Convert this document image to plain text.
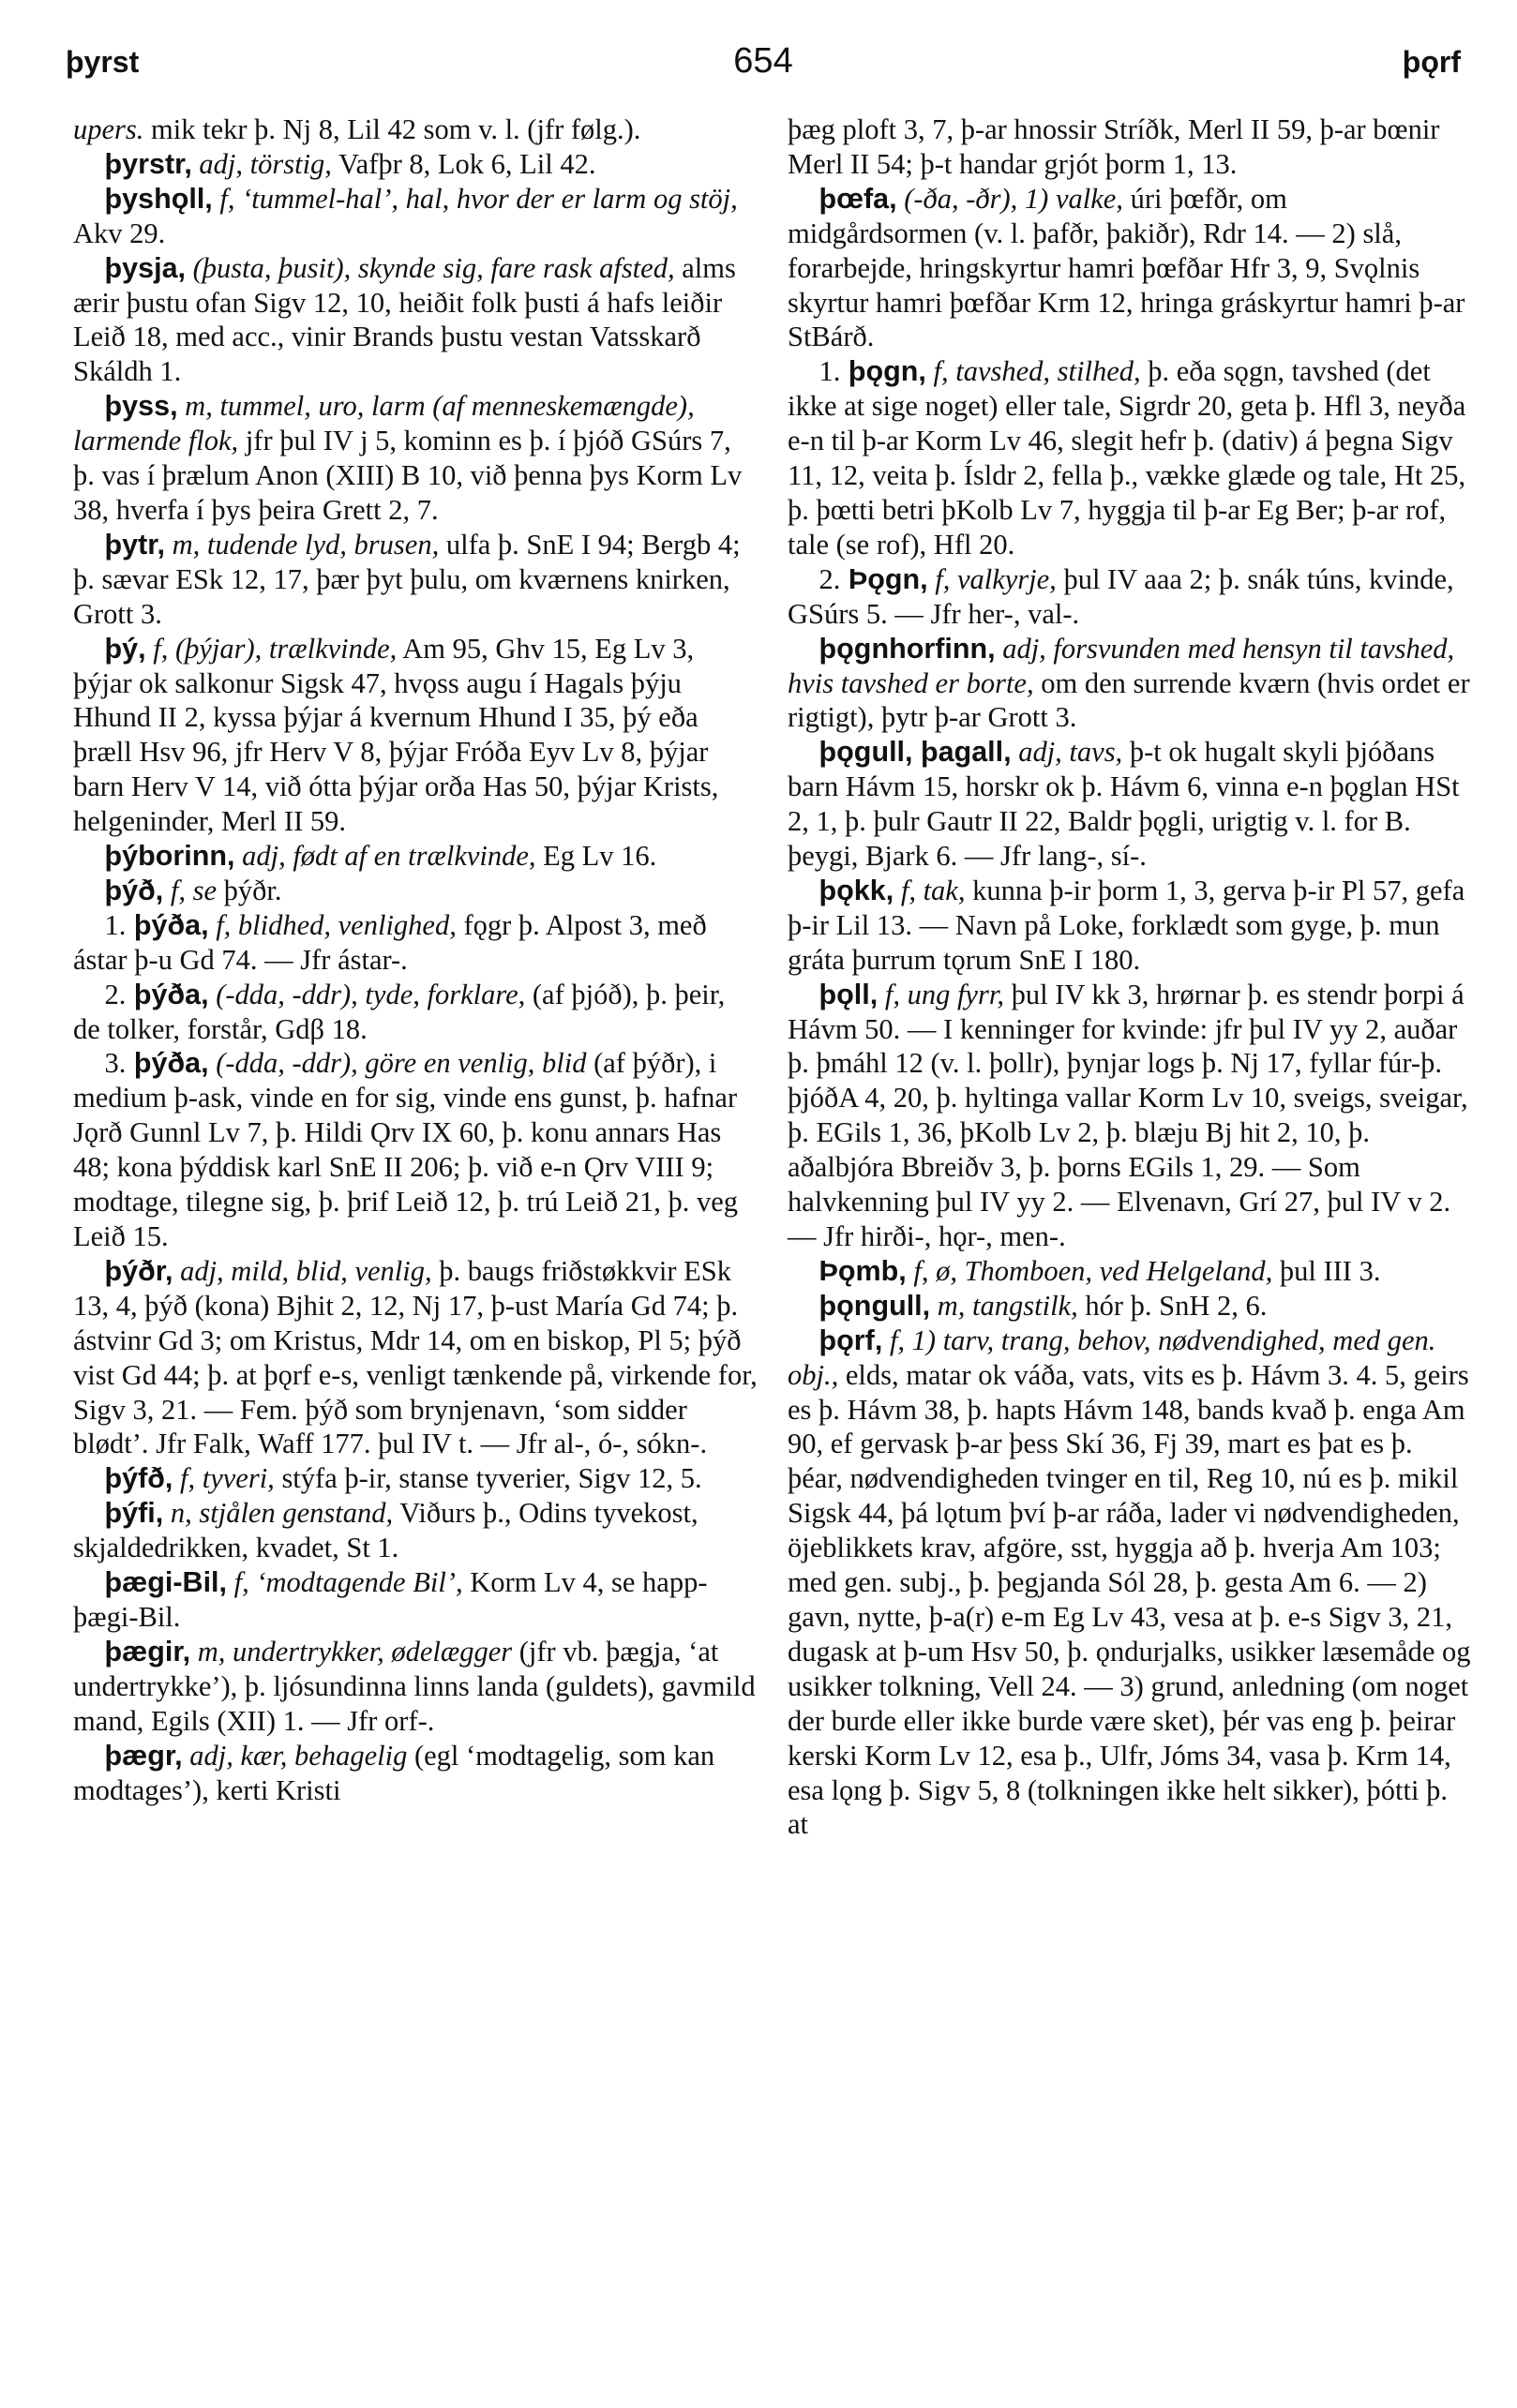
þyrst	654	þǫrf

upers. mik tekr þ. Nj 8, Lil 42 som v. l. (jfr følg.).

þyrstr, adj, törstig, Vafþr 8, Lok 6, Lil 42.

þyshǫll, f, ‘tummel-hal’, hal, hvor der er larm og stöj, Akv 29.

þysja, (þusta, þusit), skynde sig, fare rask afsted, alms ærir þustu ofan Sigv 12, 10, heiðit folk þusti á hafs leiðir Leið 18, med acc., vinir Brands þustu vestan Vatsskarð Skáldh 1.

þyss, m, tummel, uro, larm (af menneskemængde), larmende flok, jfr þul IV j 5, kominn es þ. í þjóð GSúrs 7, þ. vas í þrælum Anon (XIII) B 10, við þenna þys Korm Lv 38, hverfa í þys þeira Grett 2, 7.

þytr, m, tudende lyd, brusen, ulfa þ. SnE I 94; Bergb 4; þ. sævar ESk 12, 17, þær þyt þulu, om kværnens knirken, Grott 3.

þý, f, (þýjar), trælkvinde, Am 95, Ghv 15, Eg Lv 3, þýjar ok salkonur Sigsk 47, hvǫss augu í Hagals þýju Hhund II 2, kyssa þýjar á kvernum Hhund I 35, þý eða þræll Hsv 96, jfr Herv V 8, þýjar Fróða Eyv Lv 8, þýjar barn Herv V 14, við ótta þýjar orða Has 50, þýjar Krists, helgeninder, Merl II 59.

þýborinn, adj, født af en trælkvinde, Eg Lv 16.

þýð, f, se þýðr.

1. þýða, f, blidhed, venlighed, fǫgr þ. Alpost 3, með ástar þ-u Gd 74. — Jfr ástar-.

2. þýða, (-dda, -ddr), tyde, forklare, (af þjóð), þ. þeir, de tolker, forstår, Gdβ 18.

3. þýða, (-dda, -ddr), göre en venlig, blid (af þýðr), i medium þ-ask, vinde en for sig, vinde ens gunst, þ. hafnar Jǫrð Gunnl Lv 7, þ. Hildi Ǫrv IX 60, þ. konu annars Has 48; kona þýddisk karl SnE II 206; þ. við e-n Ǫrv VIII 9; modtage, tilegne sig, þ. þrif Leið 12, þ. trú Leið 21, þ. veg Leið 15.

þýðr, adj, mild, blid, venlig, þ. baugs friðstøkkvir ESk 13, 4, þýð (kona) Bjhit 2, 12, Nj 17, þ-ust María Gd 74; þ. ástvinr Gd 3; om Kristus, Mdr 14, om en biskop, Pl 5; þýð vist Gd 44; þ. at þǫrf e-s, venligt tænkende på, virkende for, Sigv 3, 21. — Fem. þýð som brynjenavn, ‘som sidder blødt’. Jfr Falk, Waff 177. þul IV t. — Jfr al-, ó-, sókn-.

þýfð, f, tyveri, stýfa þ-ir, stanse tyverier, Sigv 12, 5.

þýfi, n, stjålen genstand, Viðurs þ., Odins tyvekost, skjaldedrikken, kvadet, St 1.

þægi-Bil, f, ‘modtagende Bil’, Korm Lv 4, se happ-þægi-Bil.

þægir, m, undertrykker, ødelægger (jfr vb. þægja, ‘at undertrykke’), þ. ljósundinna linns landa (guldets), gavmild mand, Egils (XII) 1. — Jfr orf-.

þægr, adj, kær, behagelig (egl ‘modtagelig, som kan modtages’), kerti Kristi

þæg ploft 3, 7, þ-ar hnossir Stríðk, Merl II 59, þ-ar bœnir Merl II 54; þ-t handar grjót þorm 1, 13.

þœfa, (-ða, -ðr), 1) valke, úri þœfðr, om midgårdsormen (v. l. þafðr, þakiðr), Rdr 14. — 2) slå, forarbejde, hringskyrtur hamri þœfðar Hfr 3, 9, Svǫlnis skyrtur hamri þœfðar Krm 12, hringa gráskyrtur hamri þ-ar StBárð.

1. þǫgn, f, tavshed, stilhed, þ. eða sǫgn, tavshed (det ikke at sige noget) eller tale, Sigrdr 20, geta þ. Hfl 3, neyða e-n til þ-ar Korm Lv 46, slegit hefr þ. (dativ) á þegna Sigv 11, 12, veita þ. Ísldr 2, fella þ., vække glæde og tale, Ht 25, þ. þœtti betri þKolb Lv 7, hyggja til þ-ar Eg Ber; þ-ar rof, tale (se rof), Hfl 20.

2. Þǫgn, f, valkyrje, þul IV aaa 2; þ. snák túns, kvinde, GSúrs 5. — Jfr her-, val-.

þǫgnhorfinn, adj, forsvunden med hensyn til tavshed, hvis tavshed er borte, om den surrende kværn (hvis ordet er rigtigt), þytr þ-ar Grott 3.

þǫgull, þagall, adj, tavs, þ-t ok hugalt skyli þjóðans barn Hávm 15, horskr ok þ. Hávm 6, vinna e-n þǫglan HSt 2, 1, þ. þulr Gautr II 22, Baldr þǫgli, urigtig v. l. for B. þeygi, Bjark 6. — Jfr lang-, sí-.

þǫkk, f, tak, kunna þ-ir þorm 1, 3, gerva þ-ir Pl 57, gefa þ-ir Lil 13. — Navn på Loke, forklædt som gyge, þ. mun gráta þurrum tǫrum SnE I 180.

þǫll, f, ung fyrr, þul IV kk 3, hrørnar þ. es stendr þorpi á Hávm 50. — I kenninger for kvinde: jfr þul IV yy 2, auðar þ. þmáhl 12 (v. l. þollr), þynjar logs þ. Nj 17, fyllar fúr-þ. þjóðA 4, 20, þ. hyltinga vallar Korm Lv 10, sveigs, sveigar, þ. EGils 1, 36, þKolb Lv 2, þ. blæju Bj hit 2, 10, þ. aðalbjóra Bbreiðv 3, þ. þorns EGils 1, 29. — Som halvkenning þul IV yy 2. — Elvenavn, Grí 27, þul IV v 2. — Jfr hirði-, hǫr-, men-.

Þǫmb, f, ø, Thomboen, ved Helgeland, þul III 3.

þǫngull, m, tangstilk, hór þ. SnH 2, 6.

þǫrf, f, 1) tarv, trang, behov, nødvendighed, med gen. obj., elds, matar ok váða, vats, vits es þ. Hávm 3. 4. 5, geirs es þ. Hávm 38, þ. hapts Hávm 148, bands kvað þ. enga Am 90, ef gervask þ-ar þess Skí 36, Fj 39, mart es þat es þ. þéar, nødvendigheden tvinger en til, Reg 10, nú es þ. mikil Sigsk 44, þá lǫtum því þ-ar ráða, lader vi nødvendigheden, öjeblikkets krav, afgöre, sst, hyggja að þ. hverja Am 103; med gen. subj., þ. þegjanda Sól 28, þ. gesta Am 6. — 2) gavn, nytte, þ-a(r) e-m Eg Lv 43, vesa at þ. e-s Sigv 3, 21, dugask at þ-um Hsv 50, þ. ǫndurjalks, usikker læsemåde og usikker tolkning, Vell 24. — 3) grund, anledning (om noget der burde eller ikke burde være sket), þér vas eng þ. þeirar kerski Korm Lv 12, esa þ., Ulfr, Jóms 34, vasa þ. Krm 14, esa lǫng þ. Sigv 5, 8 (tolkningen ikke helt sikker), þótti þ. at
